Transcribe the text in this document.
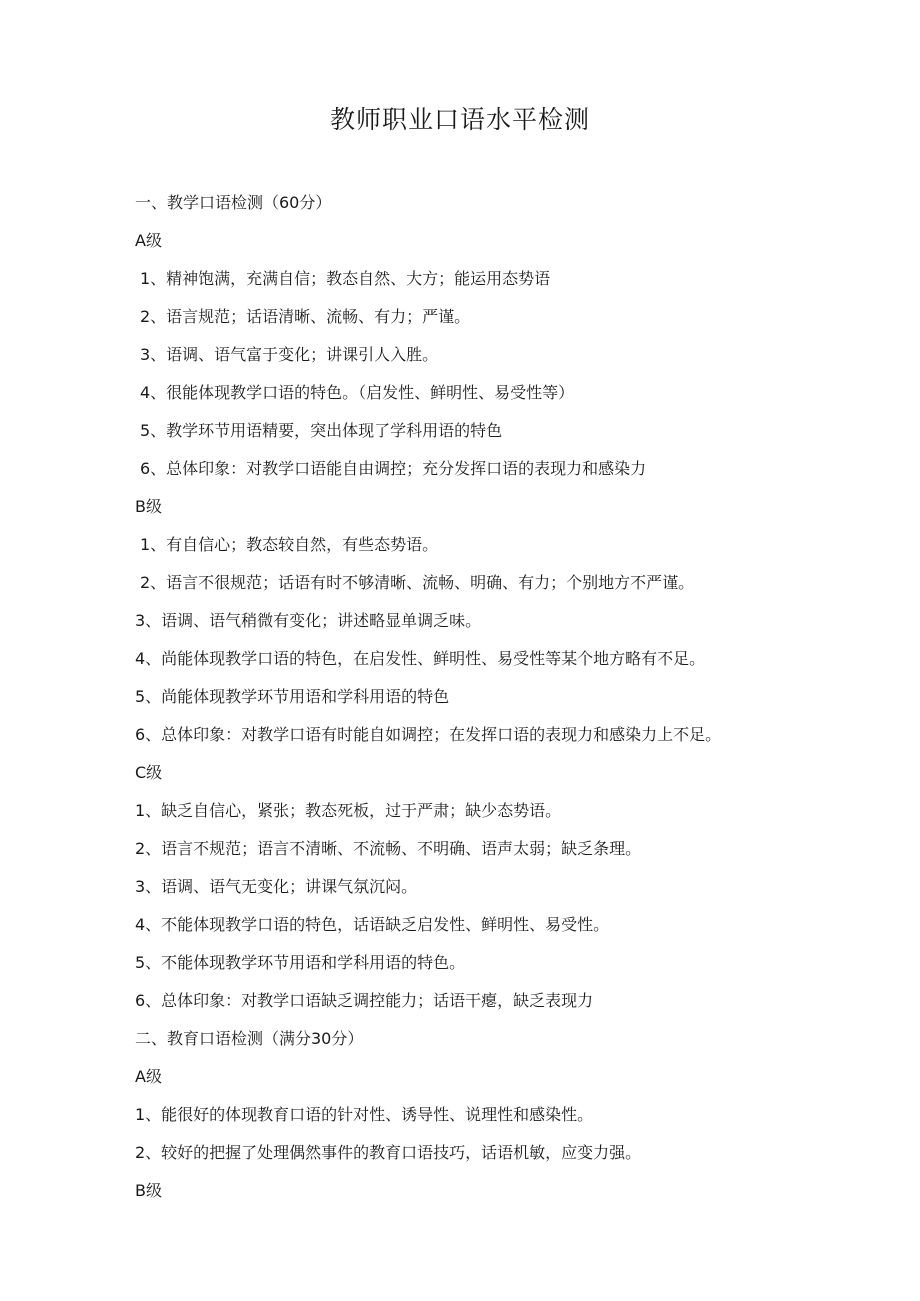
教师职业口语水平检测
一、教学口语检测（60分）
A级
1、精神饱满，充满自信；教态自然、大方；能运用态势语
2、语言规范；话语清晰、流畅、有力；严谨。
3、语调、语气富于变化；讲课引人入胜。
4、很能体现教学口语的特色。（启发性、鲜明性、易受性等）
5、教学环节用语精要，突出体现了学科用语的特色
6、总体印象：对教学口语能自由调控；充分发挥口语的表现力和感染力
B级
1、有自信心；教态较自然，有些态势语。
2、语言不很规范；话语有时不够清晰、流畅、明确、有力；个别地方不严谨。
3、语调、语气稍微有变化；讲述略显单调乏味。
4、尚能体现教学口语的特色，在启发性、鲜明性、易受性等某个地方略有不足。
5、尚能体现教学环节用语和学科用语的特色
6、总体印象：对教学口语有时能自如调控；在发挥口语的表现力和感染力上不足。
C级
1、缺乏自信心，紧张；教态死板，过于严肃；缺少态势语。
2、语言不规范；语言不清晰、不流畅、不明确、语声太弱；缺乏条理。
3、语调、语气无变化；讲课气氛沉闷。
4、不能体现教学口语的特色，话语缺乏启发性、鲜明性、易受性。
5、不能体现教学环节用语和学科用语的特色。
6、总体印象：对教学口语缺乏调控能力；话语干瘪，缺乏表现力
二、教育口语检测（满分30分）
A级
1、能很好的体现教育口语的针对性、诱导性、说理性和感染性。
2、较好的把握了处理偶然事件的教育口语技巧，话语机敏，应变力强。
B级
